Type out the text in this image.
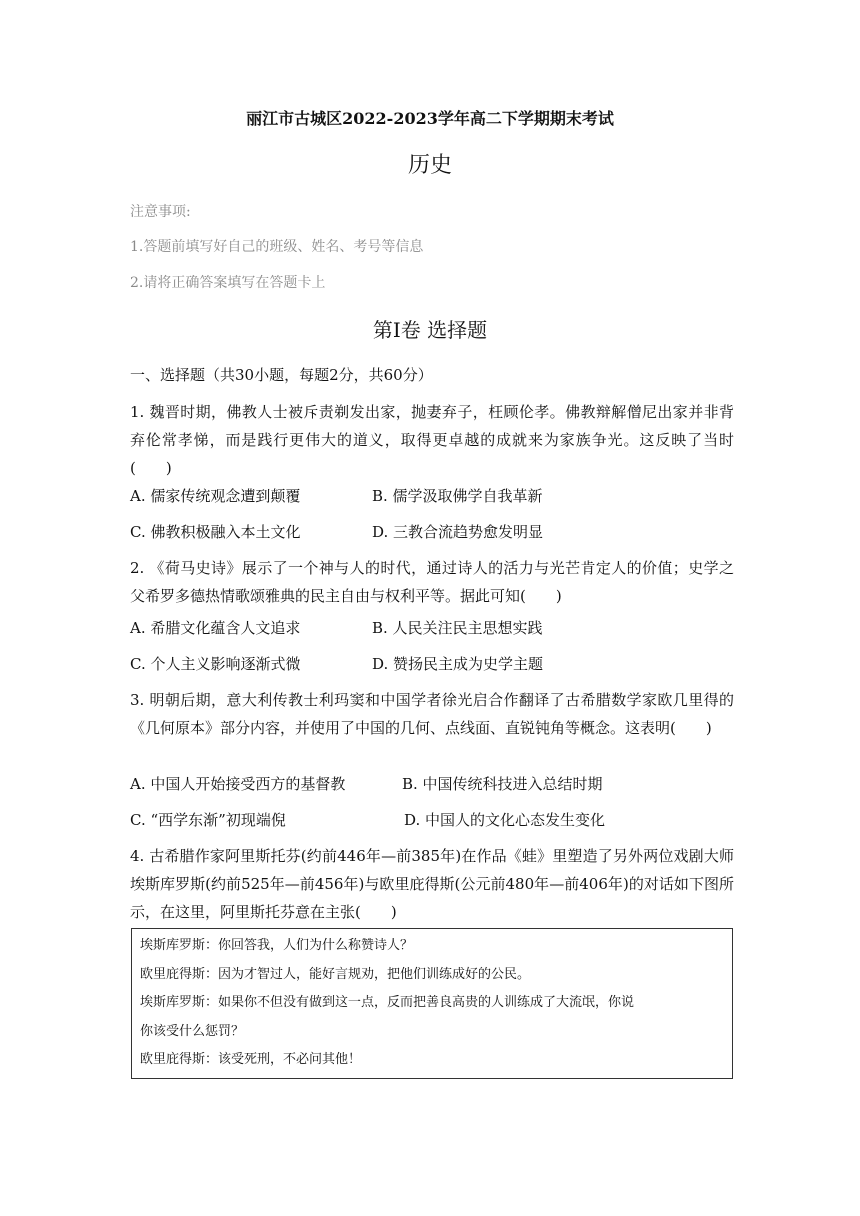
丽江市古城区2022-2023学年高二下学期期末考试
历史
注意事项:
1.答题前填写好自己的班级、姓名、考号等信息
2.请将正确答案填写在答题卡上
第Ⅰ卷 选择题
一、选择题（共30小题，每题2分，共60分）
1. 魏晋时期，佛教人士被斥责剃发出家，抛妻弃子，枉顾伦孝。佛教辩解僧尼出家并非背弃伦常孝悌，而是践行更伟大的道义，取得更卓越的成就来为家族争光。这反映了当时(　　)
A. 儒家传统观念遭到颠覆	B. 儒学汲取佛学自我革新
C. 佛教积极融入本土文化	D. 三教合流趋势愈发明显
2. 《荷马史诗》展示了一个神与人的时代，通过诗人的活力与光芒肯定人的价值；史学之父希罗多德热情歌颂雅典的民主自由与权利平等。据此可知(　　)
A. 希腊文化蕴含人文追求	B. 人民关注民主思想实践
C. 个人主义影响逐渐式微	D. 赞扬民主成为史学主题
3. 明朝后期，意大利传教士利玛窦和中国学者徐光启合作翻译了古希腊数学家欧几里得的《几何原本》部分内容，并使用了中国的几何、点线面、直锐钝角等概念。这表明(　　)
A. 中国人开始接受西方的基督教	B. 中国传统科技进入总结时期
C. “西学东渐”初现端倪	D. 中国人的文化心态发生变化
4. 古希腊作家阿里斯托芬(约前446年—前385年)在作品《蛙》里塑造了另外两位戏剧大师埃斯库罗斯(约前525年—前456年)与欧里庇得斯(公元前480年—前406年)的对话如下图所示，在这里，阿里斯托芬意在主张(　　)

埃斯库罗斯：你回答我，人们为什么称赞诗人？

欧里庇得斯：因为才智过人，能好言规劝，把他们训练成好的公民。

埃斯库罗斯：如果你不但没有做到这一点，反而把善良高贵的人训练成了大流氓，你说

你该受什么惩罚？

欧里庇得斯：该受死刑，不必问其他！
